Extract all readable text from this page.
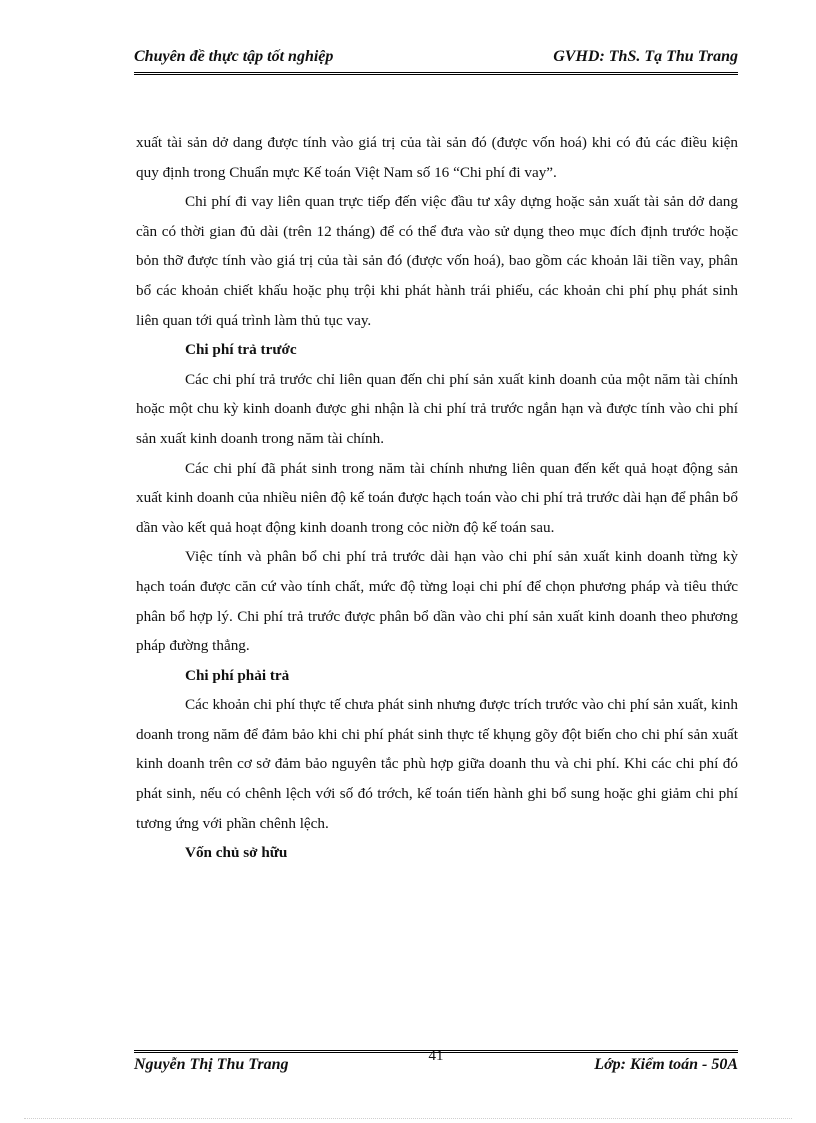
Chuyên đề thực tập tốt nghiệp	GVHD: ThS. Tạ Thu Trang

xuất tài sản dở dang được tính vào giá trị của tài sản đó (được vốn hoá) khi có đủ các điều kiện quy định trong Chuẩn mực Kế toán Việt Nam số 16 “Chi phí đi vay”.

Chi phí đi vay liên quan trực tiếp đến việc đầu tư xây dựng hoặc sản xuất tài sản dở dang cần có thời gian đủ dài (trên 12 tháng) để có thể đưa vào sử dụng theo mục đích định trước hoặc bỏn thỡ được tính vào giá trị của tài sản đó (được vốn hoá), bao gồm các khoản lãi tiền vay, phân bổ các khoản chiết khấu hoặc phụ trội khi phát hành trái phiếu, các khoản chi phí phụ phát sinh liên quan tới quá trình làm thủ tục vay.

Chi phí trả trước

Các chi phí trả trước chỉ liên quan đến chi phí sản xuất kinh doanh của một năm tài chính hoặc một chu kỳ kinh doanh được ghi nhận là chi phí trả trước ngắn hạn và được tính vào chi phí sản xuất kinh doanh trong năm tài chính.

Các chi phí đã phát sinh trong năm tài chính nhưng liên quan đến kết quả hoạt động sản xuất kinh doanh của nhiều niên độ kế toán được hạch toán vào chi phí trả trước dài hạn để phân bổ dần vào kết quả hoạt động kinh doanh trong cỏc niờn độ kế toán sau.

Việc tính và phân bổ chi phí trả trước dài hạn vào chi phí sản xuất kinh doanh từng kỳ hạch toán được căn cứ vào tính chất, mức độ từng loại chi phí để chọn phương pháp và tiêu thức phân bổ hợp lý. Chi phí trả trước được phân bổ dần vào chi phí sản xuất kinh doanh theo phương pháp đường thẳng.

Chi phí phải trả

Các khoản chi phí thực tế chưa phát sinh nhưng được trích trước vào chi phí sản xuất, kinh doanh trong năm để đảm bảo khi chi phí phát sinh thực tế khụng gõy đột biến cho chi phí sản xuất kinh doanh trên cơ sở đảm bảo nguyên tắc phù hợp giữa doanh thu và chi phí. Khi các chi phí đó phát sinh, nếu có chênh lệch với số đó trớch, kế toán tiến hành ghi bổ sung hoặc ghi giảm chi phí tương ứng với phần chênh lệch.

Vốn chủ sở hữu

Nguyễn Thị Thu Trang	41	Lớp: Kiểm toán - 50A
